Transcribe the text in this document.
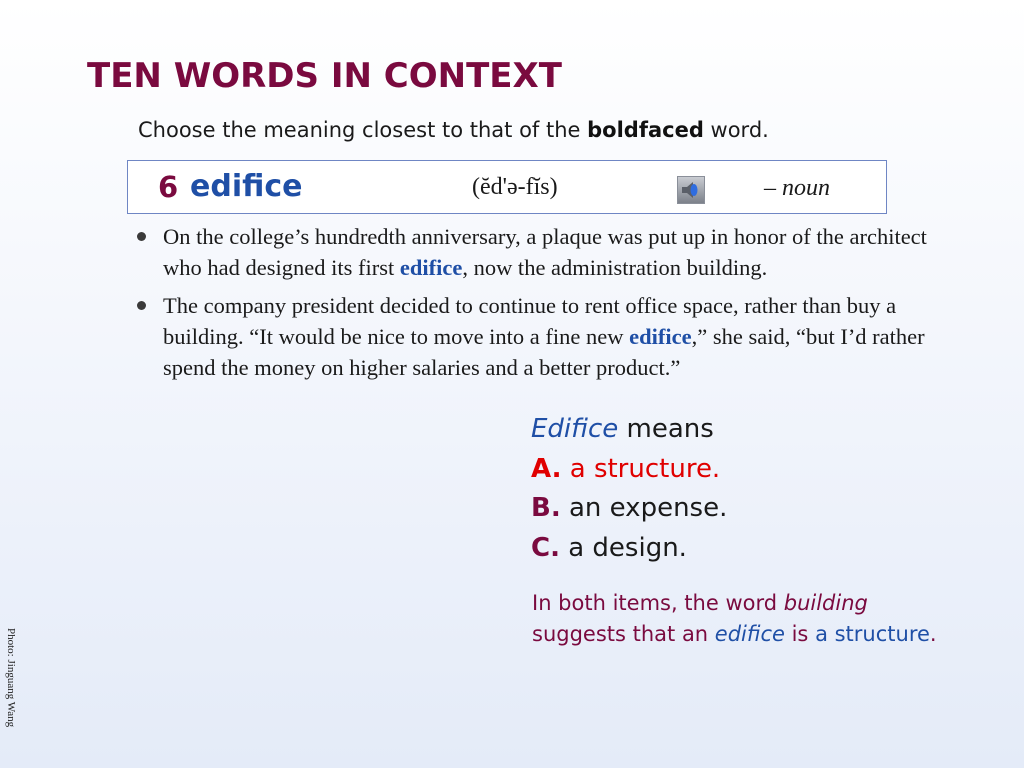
TEN WORDS IN CONTEXT
Choose the meaning closest to that of the boldfaced word.
6 edifice	(ĕd'ə-fĭs)	– noun
On the college’s hundredth anniversary, a plaque was put up in honor of the architect who had designed its first edifice, now the administration building.
The company president decided to continue to rent office space, rather than buy a building. “It would be nice to move into a fine new edifice,” she said, “but I’d rather spend the money on higher salaries and a better product.”
Edifice means
A. a structure.
B. an expense.
C. a design.
In both items, the word building suggests that an edifice is a structure.
Photo: Jinguang Wang
